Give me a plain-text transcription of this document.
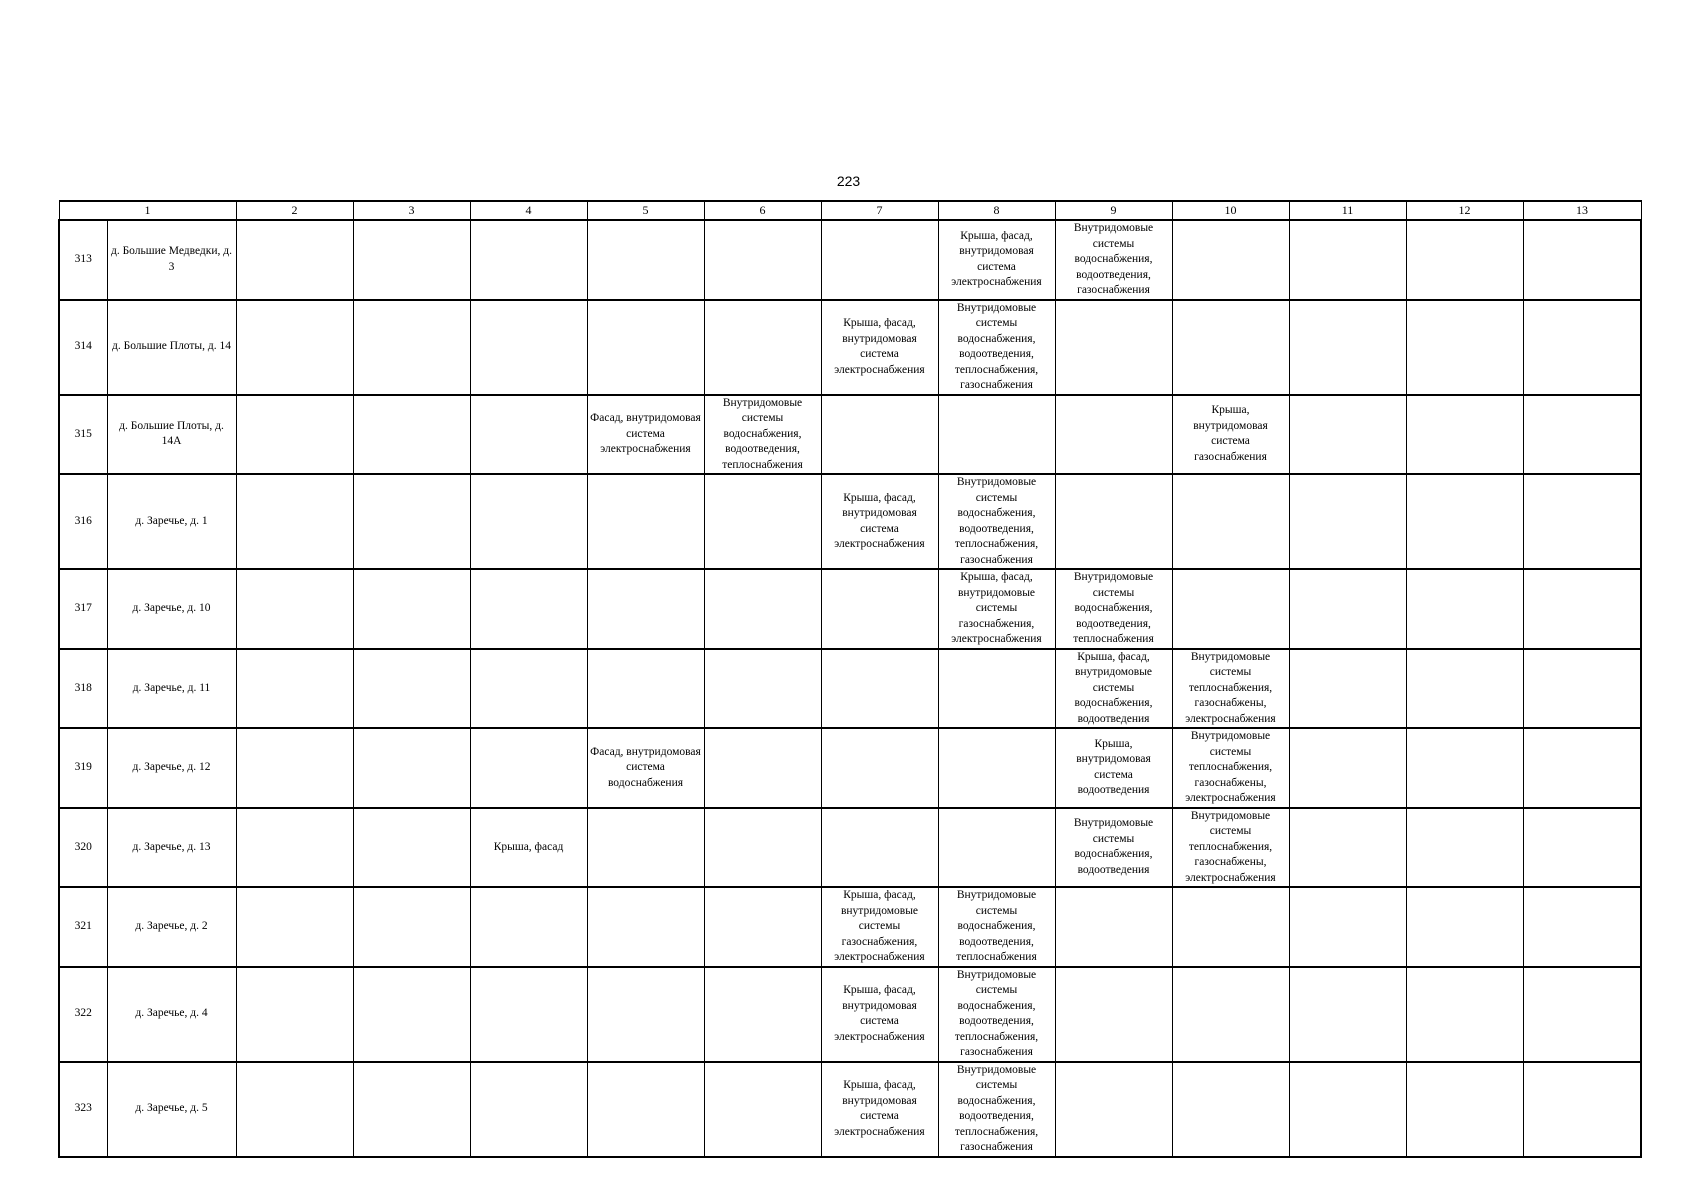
223
1		2	3	4	5	6	7	8	9	10	11	12	13
313	д. Большие Медведки, д. 3							Крыша, фасад, внутридомовая система электроснабжения	Внутридомовые системы водоснабжения, водоотведения, газоснабжения				
314	д. Большие Плоты, д. 14						Крыша, фасад, внутридомовая система электроснабжения	Внутридомовые системы водоснабжения, водоотведения, теплоснабжения, газоснабжения					
315	д. Большие Плоты, д. 14А				Фасад, внутридомовая система электроснабжения	Внутридомовые системы водоснабжения, водоотведения, теплоснабжения				Крыша, внутридомовая система газоснабжения			
316	д. Заречье, д. 1						Крыша, фасад, внутридомовая система электроснабжения	Внутридомовые системы водоснабжения, водоотведения, теплоснабжения, газоснабжения					
317	д. Заречье, д. 10							Крыша, фасад, внутридомовые системы газоснабжения, электроснабжения	Внутридомовые системы водоснабжения, водоотведения, теплоснабжения				
318	д. Заречье, д. 11								Крыша, фасад, внутридомовые системы водоснабжения, водоотведения	Внутридомовые системы теплоснабжения, газоснабжены, электроснабжения			
319	д. Заречье, д. 12				Фасад, внутридомовая система водоснабжения				Крыша, внутридомовая система водоотведения	Внутридомовые системы теплоснабжения, газоснабжены, электроснабжения			
320	д. Заречье, д. 13			Крыша, фасад					Внутридомовые системы водоснабжения, водоотведения	Внутридомовые системы теплоснабжения, газоснабжены, электроснабжения			
321	д. Заречье, д. 2						Крыша, фасад, внутридомовые системы газоснабжения, электроснабжения	Внутридомовые системы водоснабжения, водоотведения, теплоснабжения					
322	д. Заречье, д. 4						Крыша, фасад, внутридомовая система электроснабжения	Внутридомовые системы водоснабжения, водоотведения, теплоснабжения, газоснабжения					
323	д. Заречье, д. 5						Крыша, фасад, внутридомовая система электроснабжения	Внутридомовые системы водоснабжения, водоотведения, теплоснабжения, газоснабжения					
